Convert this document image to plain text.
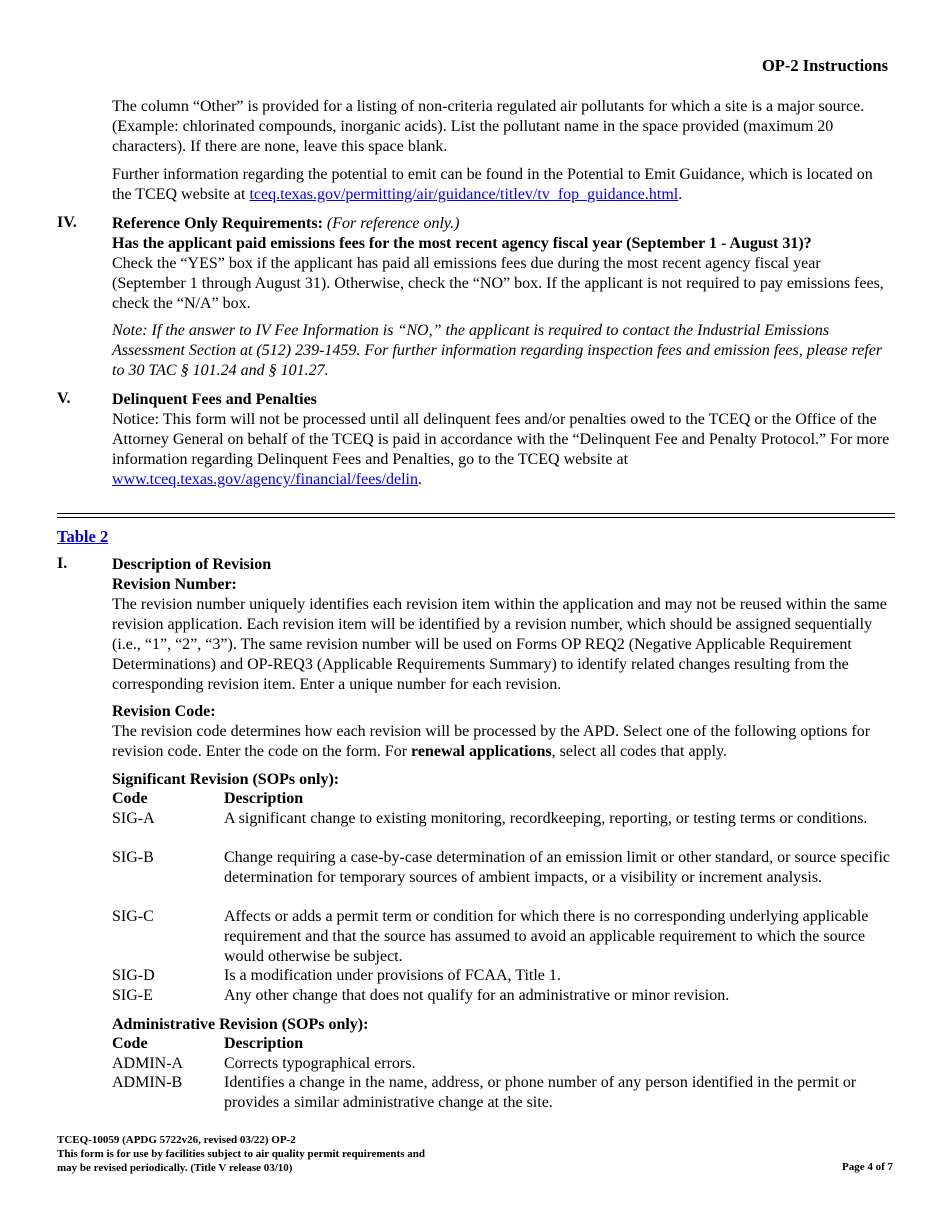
OP-2 Instructions

The column “Other” is provided for a listing of non-criteria regulated air pollutants for which a site is a major source. (Example: chlorinated compounds, inorganic acids). List the pollutant name in the space provided (maximum 20 characters). If there are none, leave this space blank.

Further information regarding the potential to emit can be found in the Potential to Emit Guidance, which is located on the TCEQ website at tceq.texas.gov/permitting/air/guidance/titlev/tv_fop_guidance.html.

IV. Reference Only Requirements: (For reference only.)

Has the applicant paid emissions fees for the most recent agency fiscal year (September 1 - August 31)?

Check the “YES” box if the applicant has paid all emissions fees due during the most recent agency fiscal year (September 1 through August 31). Otherwise, check the “NO” box. If the applicant is not required to pay emissions fees, check the “N/A” box.

Note: If the answer to IV Fee Information is “NO,” the applicant is required to contact the Industrial Emissions Assessment Section at (512) 239-1459. For further information regarding inspection fees and emission fees, please refer to 30 TAC § 101.24 and § 101.27.
V.	Delinquent Fees and Penalties

Notice: This form will not be processed until all delinquent fees and/or penalties owed to the TCEQ or the Office of the Attorney General on behalf of the TCEQ is paid in accordance with the “Delinquent Fee and Penalty Protocol.” For more information regarding Delinquent Fees and Penalties, go to the TCEQ website at www.tceq.texas.gov/agency/financial/fees/delin.

Table 2
I.	Description of Revision

Revision Number:

The revision number uniquely identifies each revision item within the application and may not be reused within the same revision application. Each revision item will be identified by a revision number, which should be assigned sequentially (i.e., “1”, “2”, “3”). The same revision number will be used on Forms OP REQ2 (Negative Applicable Requirement Determinations) and OP-REQ3 (Applicable Requirements Summary) to identify related changes resulting from the corresponding revision item. Enter a unique number for each revision.

Revision Code:

The revision code determines how each revision will be processed by the APD. Select one of the following options for revision code. Enter the code on the form. For renewal applications, select all codes that apply.

Significant Revision (SOPs only):
Code	Description
SIG-A	A significant change to existing monitoring, recordkeeping, reporting, or testing terms or conditions.
SIG-B	Change requiring a case-by-case determination of an emission limit or other standard, or source specific determination for temporary sources of ambient impacts, or a visibility or increment analysis.
SIG-C	Affects or adds a permit term or condition for which there is no corresponding underlying applicable requirement and that the source has assumed to avoid an applicable requirement to which the source would otherwise be subject.
SIG-D	Is a modification under provisions of FCAA, Title 1.
SIG-E	Any other change that does not qualify for an administrative or minor revision.
Administrative Revision (SOPs only):
Code	Description
ADMIN-A	Corrects typographical errors.
ADMIN-B	Identifies a change in the name, address, or phone number of any person identified in the permit or provides a similar administrative change at the site.
TCEQ-10059 (APDG 5722v26, revised 03/22) OP-2
This form is for use by facilities subject to air quality permit requirements and
may be revised periodically. (Title V release 03/10)	Page 4 of 7
